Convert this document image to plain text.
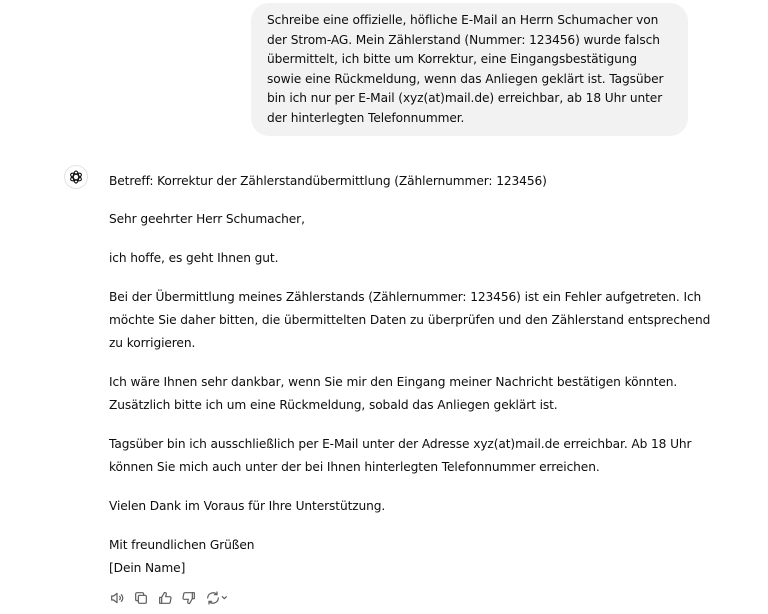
Schreibe eine offizielle, höfliche E-Mail an Herrn Schumacher von der Strom-AG. Mein Zählerstand (Nummer: 123456) wurde falsch übermittelt, ich bitte um Korrektur, eine Eingangsbestätigung sowie eine Rückmeldung, wenn das Anliegen geklärt ist. Tagsüber bin ich nur per E-Mail (xyz(at)mail.de) erreichbar, ab 18 Uhr unter der hinterlegten Telefonnummer.

Betreff: Korrektur der Zählerstandübermittlung (Zählernummer: 123456)

Sehr geehrter Herr Schumacher,

ich hoffe, es geht Ihnen gut.

Bei der Übermittlung meines Zählerstands (Zählernummer: 123456) ist ein Fehler aufgetreten. Ich
möchte Sie daher bitten, die übermittelten Daten zu überprüfen und den Zählerstand entsprechend
zu korrigieren.

Ich wäre Ihnen sehr dankbar, wenn Sie mir den Eingang meiner Nachricht bestätigen könnten.
Zusätzlich bitte ich um eine Rückmeldung, sobald das Anliegen geklärt ist.

Tagsüber bin ich ausschließlich per E-Mail unter der Adresse xyz(at)mail.de erreichbar. Ab 18 Uhr
können Sie mich auch unter der bei Ihnen hinterlegten Telefonnummer erreichen.

Vielen Dank im Voraus für Ihre Unterstützung.

Mit freundlichen Grüßen
[Dein Name]
